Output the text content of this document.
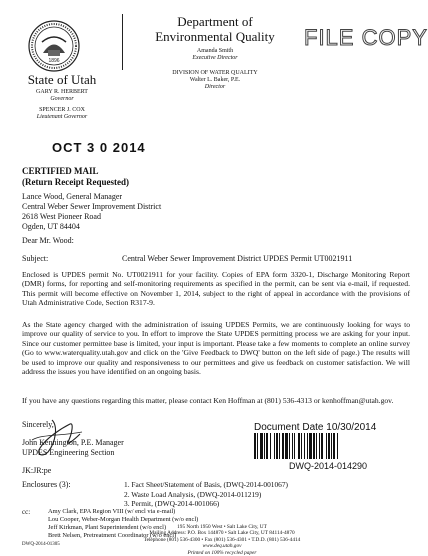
1896
Department of
Environmental Quality
Amanda Smith
Executive Director
State of Utah
GARY R. HERBERT
Governor
SPENCER J. COX
Lieutenant Governor
DIVISION OF WATER QUALITY
Walter L. Baker, P.E.
Director
FILE COPY
OCT 3 0 2014
CERTIFIED MAIL
(Return Receipt Requested)
Lance Wood, General Manager
Central Weber Sewer Improvement District
2618 West Pioneer Road
Ogden, UT 84404
Dear Mr. Wood:
Subject:	Central Weber Sewer Improvement District UPDES Permit UT0021911
Enclosed is UPDES permit No. UT0021911 for your facility. Copies of EPA form 3320-1, Discharge Monitoring Report (DMR) forms, for reporting and self-monitoring requirements as specified in the permit, can be sent via e-mail, if requested. This permit will become effective on November 1, 2014, subject to the right of appeal in accordance with the provisions of Utah Administrative Code, Section R317-9.
As the State agency charged with the administration of issuing UPDES Permits, we are continuously looking for ways to improve our quality of service to you. In effort to improve the State UPDES permitting process we are asking for your input. Since our customer permittee base is limited, your input is important. Please take a few moments to complete an online survey (Go to www.waterquality.utah.gov and click on the 'Give Feedback to DWQ' button on the left side of page.) The results will be used to improve our quality and responsiveness to our permittees and give us feedback on customer satisfaction. We will address the issues you have identified on an ongoing basis.
If you have any questions regarding this matter, please contact Ken Hoffman at (801) 536-4313 or kenhoffman@utah.gov.
Sincerely,
John Kennington, P.E. Manager
UPDES Engineering Section
JK:JR:pe
Document Date 10/30/2014
DWQ-2014-014290
Enclosures (3):	1. Fact Sheet/Statement of Basis, (DWQ-2014-001067)
2. Waste Load Analysis, (DWQ-2014-011219)
3. Permit, (DWQ-2014-001066)
cc:	Amy Clark, EPA Region VIII (w/ encl via e-mail)
Lou Cooper, Weber-Morgan Health Department (w/o encl)
Jeff Kirkman, Plant Superintendent (w/o encl)
Brett Nelsen, Pretreatment Coordinator (w/o encl)
DWQ-2014-01305
195 North 1950 West • Salt Lake City, UT
Mailing Address: P.O. Box 144870 • Salt Lake City, UT 84114-4870
Telephone (801) 536-4300 • Fax (801) 536-4301 • T.D.D. (801) 536-4414
www.deq.utah.gov
Printed on 100% recycled paper
